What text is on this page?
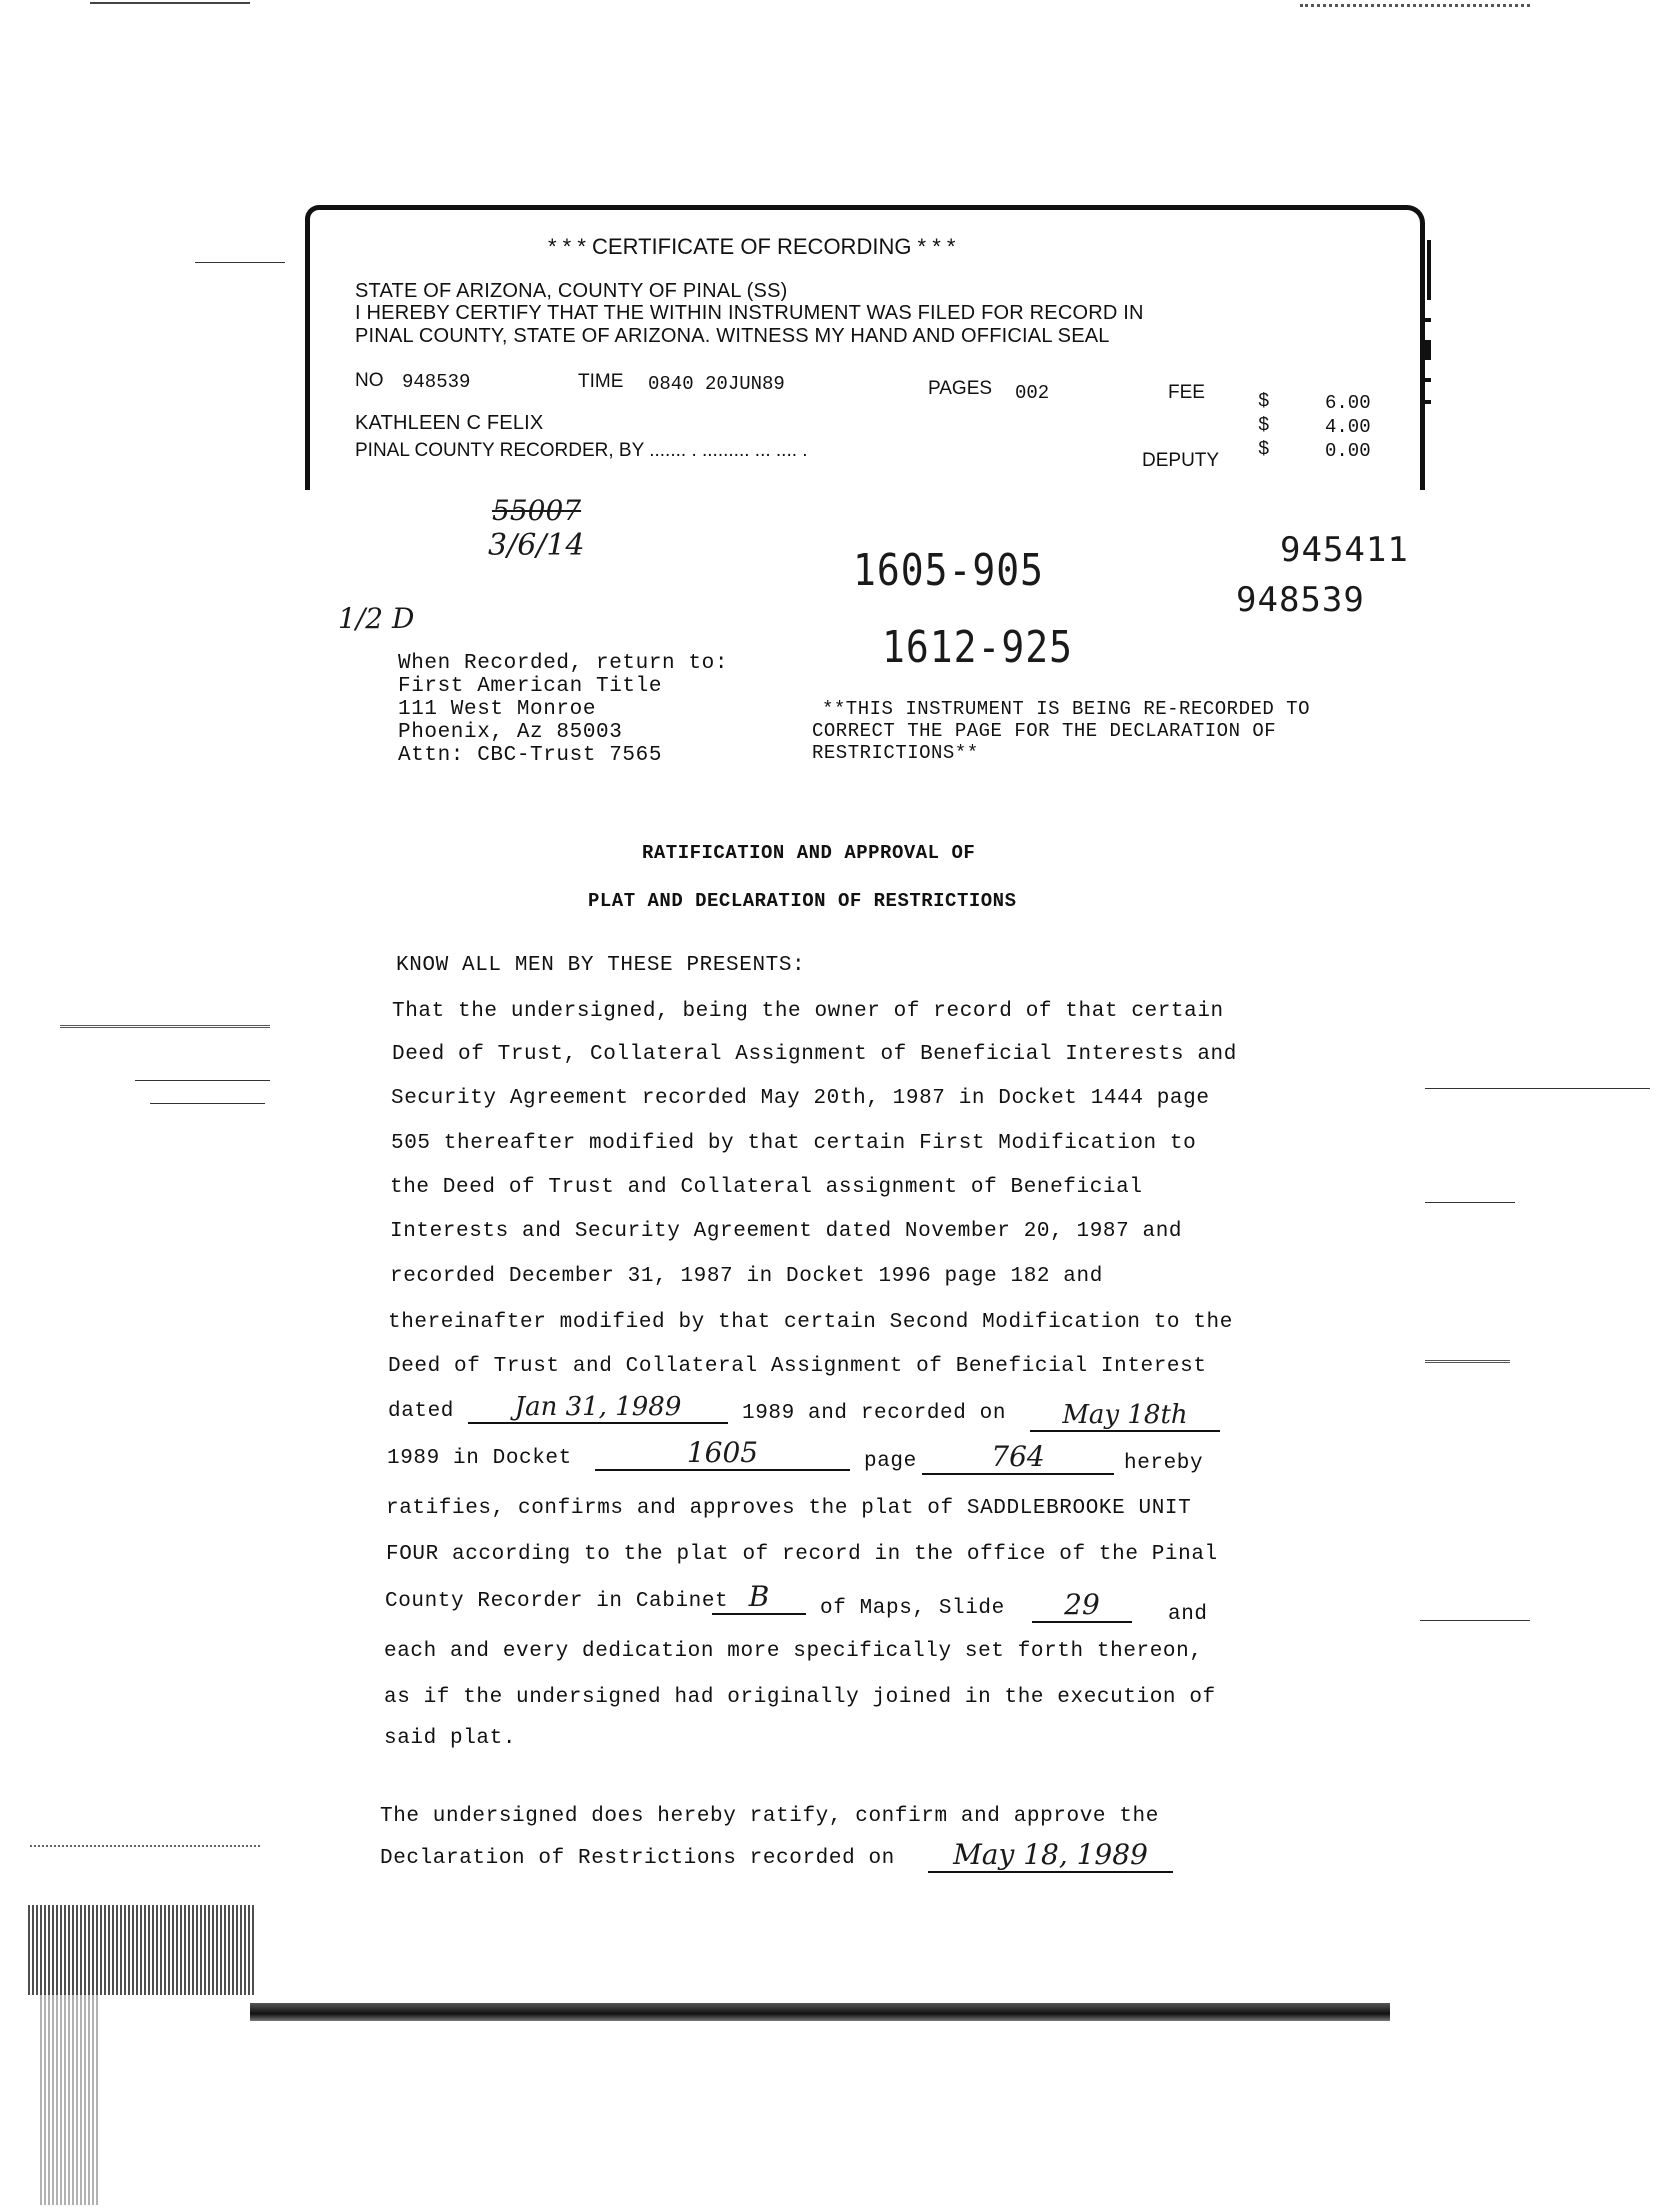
* * * CERTIFICATE OF RECORDING * * *
STATE OF ARIZONA, COUNTY OF PINAL (SS)
I HEREBY CERTIFY THAT THE WITHIN INSTRUMENT WAS FILED FOR RECORD IN
PINAL COUNTY, STATE OF ARIZONA. WITNESS MY HAND AND OFFICIAL SEAL
NO 948539	TIME 0840 20JUN89	PAGES 002	FEE
KATHLEEN C FELIX
PINAL COUNTY RECORDER, BY ....... . ......... ... .... .	DEPUTY
$	6.00
$	4.00
$	0.00
55007
3/6/14
1/2 D
1605-905
1612-925
945411
948539
When Recorded, return to:
First American Title
111 West Monroe
Phoenix, Az 85003
Attn: CBC-Trust 7565
**THIS INSTRUMENT IS BEING RE-RECORDED TO
CORRECT THE PAGE FOR THE DECLARATION OF
RESTRICTIONS**
RATIFICATION AND APPROVAL OF
PLAT AND DECLARATION OF RESTRICTIONS
KNOW ALL MEN BY THESE PRESENTS:
That the undersigned, being the owner of record of that certain
Deed of Trust, Collateral Assignment of Beneficial Interests and
Security Agreement recorded May 20th, 1987 in Docket 1444 page
505 thereafter modified by that certain First Modification to
the Deed of Trust and Collateral assignment of Beneficial
Interests and Security Agreement dated November 20, 1987 and
recorded December 31, 1987 in Docket 1996 page 182 and
thereinafter modified by that certain Second Modification to the
Deed of Trust and Collateral Assignment of Beneficial Interest
dated	Jan 31, 1989	1989 and recorded on	May 18th
1989 in Docket	1605	page	764	hereby
ratifies, confirms and approves the plat of SADDLEBROOKE UNIT
FOUR according to the plat of record in the office of the Pinal
County Recorder in Cabinet B	of Maps, Slide	29	and
each and every dedication more specifically set forth thereon,
as if the undersigned had originally joined in the execution of
said plat.
The undersigned does hereby ratify, confirm and approve the
Declaration of Restrictions recorded on	May 18, 1989
